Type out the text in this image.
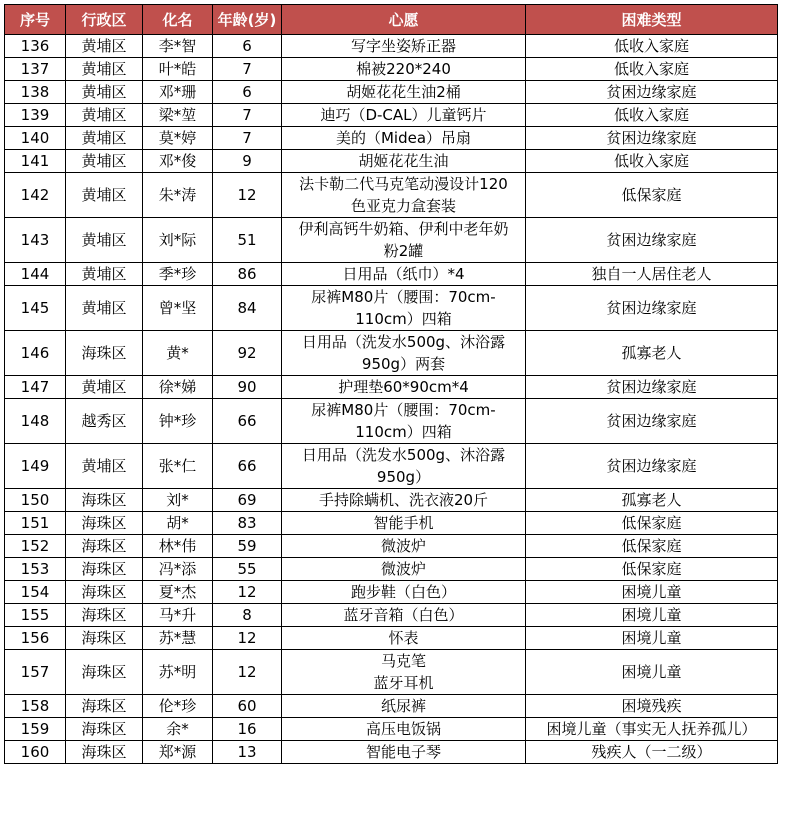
序号	行政区	化名	年龄(岁)	心愿	困难类型
136	黄埔区	李*智	6	写字坐姿矫正器	低收入家庭

137	黄埔区	叶*皓	7	棉被220*240	低收入家庭

138	黄埔区	邓*珊	6	胡姬花花生油2桶	贫困边缘家庭

139	黄埔区	梁*堃	7	迪巧（D-CAL）儿童钙片	低收入家庭

140	黄埔区	莫*婷	7	美的（Midea）吊扇	贫困边缘家庭

141	黄埔区	邓*俊	9	胡姬花花生油	低收入家庭

142	黄埔区	朱*涛	12	法卡勒二代马克笔动漫设计120
色亚克力盒套装	低保家庭

143	黄埔区	刘*际	51	伊利高钙牛奶箱、伊利中老年奶
粉2罐	贫困边缘家庭

144	黄埔区	季*珍	86	日用品（纸巾）*4	独自一人居住老人

145	黄埔区	曾*坚	84	尿裤M80片（腰围：70cm-
110cm）四箱	贫困边缘家庭

146	海珠区	黄*	92	日用品（洗发水500g、沐浴露
950g）两套	孤寡老人

147	黄埔区	徐*娣	90	护理垫60*90cm*4	贫困边缘家庭

148	越秀区	钟*珍	66	尿裤M80片（腰围：70cm-
110cm）四箱	贫困边缘家庭

149	黄埔区	张*仁	66	日用品（洗发水500g、沐浴露
950g）	贫困边缘家庭

150	海珠区	刘*	69	手持除螨机、洗衣液20斤	孤寡老人

151	海珠区	胡*	83	智能手机	低保家庭

152	海珠区	林*伟	59	微波炉	低保家庭

153	海珠区	冯*添	55	微波炉	低保家庭

154	海珠区	夏*杰	12	跑步鞋（白色）	困境儿童

155	海珠区	马*升	8	蓝牙音箱（白色）	困境儿童

156	海珠区	苏*慧	12	怀表	困境儿童

157	海珠区	苏*明	12	马克笔
蓝牙耳机	困境儿童

158	海珠区	伦*珍	60	纸尿裤	困境残疾

159	海珠区	余*	16	高压电饭锅	困境儿童（事实无人抚养孤儿）

160	海珠区	郑*源	13	智能电子琴	残疾人（一二级）
